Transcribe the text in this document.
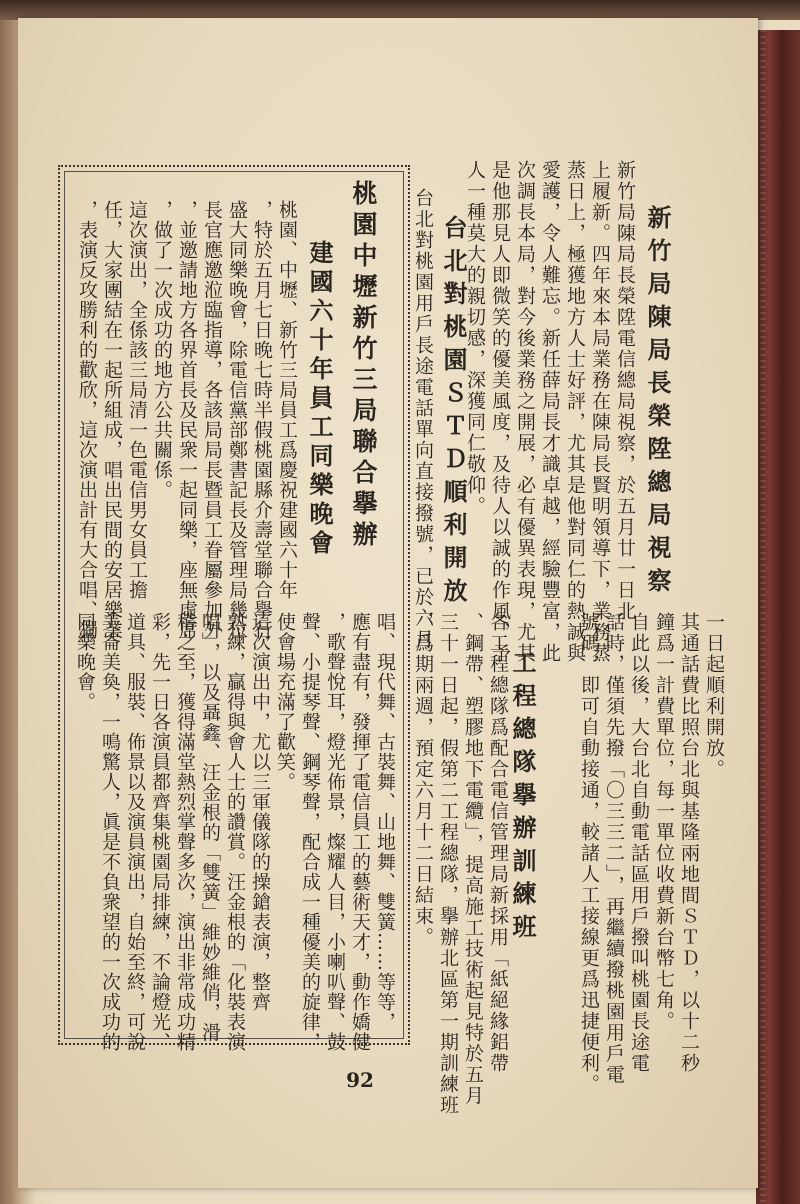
新竹局陳局長榮陞總局視察
新竹局陳局長榮陞電信總局視察，於五月廿一日北
上履新。四年來本局業務在陳局長賢明領導下，業務蒸
蒸日上，極獲地方人士好評，尤其是他對同仁的熱誠與
愛護，令人難忘。新任薛局長才識卓越，經驗豐富，此
次調長本局，對今後業務之開展，必有優異表現，尤其
是他那見人即微笑的優美風度，及待人以誠的作風，予
人一種莫大的親切感，深獲同仁敬仰。
台北對桃園ＳＴＤ順利開放
台北對桃園用戶長途電話單向直接撥號，已於六月
一日起順利開放。
其通話費比照台北與基隆兩地間ＳＴＤ，以十二秒
鐘爲一計費單位，每一單位收費新台幣七角。
自此以後，大台北自動電話區用戶撥叫桃園長途電
話時，僅須先撥「〇三三二」，再繼續撥桃園用戶電
號碼，即可自動接通，較諸人工接線更爲迅捷便利。
工程總隊擧辦訓練班
各工程總隊爲配合電信管理局新採用「紙絕緣鋁帶
、鋼帶、塑膠地下電纜」，提高施工技術起見特於五月
三十一日起，假第二工程總隊，擧辦北區第一期訓練班
，爲期兩週，預定六月十二日結束。
桃園中壢新竹三局聯合擧辦
建國六十年員工同樂晚會
桃園、中壢、新竹三局員工爲慶祝建國六十年
，特於五月七日晚七時半假桃園縣介壽堂聯合擧行
盛大同樂晚會，除電信黨部鄭書記長及管理局幾位
長官應邀涖臨指導，各該局局長暨員工眷屬參加外
，並邀請地方各界首長及民衆一起同樂，座無虛席
，做了一次成功的地方公共關係。
這次演出，全係該三局清一色電信男女員工擔
任，大家團結在一起所組成，唱出民間的安居樂業
，表演反攻勝利的歡欣，這次演出計有大合唱、獨
唱、現代舞、古裝舞、山地舞、雙簧……等等，
應有盡有，發揮了電信員工的藝術天才，動作嬌健
，歌聲悅耳，燈光佈景，燦耀人目，小喇叭聲、鼓
聲、小提琴聲、鋼琴聲，配合成一種優美的旋律，
使會場充滿了歡笑。
這次演出中，尤以三軍儀隊的操鎗表演，整齊
熟練，贏得與會人士的讚賞。汪金根的「化裝表演
唱」，以及聶鑫、汪金根的「雙簧」維妙維俏，滑
稽之至，獲得滿堂熱烈掌聲多次，演出非常成功精
彩，先一日各演員都齊集桃園局排練，不論燈光、
道具、服裝、佈景以及演員演出，自始至終，可說
美崙美奐，一鳴驚人，眞是不負衆望的一次成功的
同樂晚會。
92
